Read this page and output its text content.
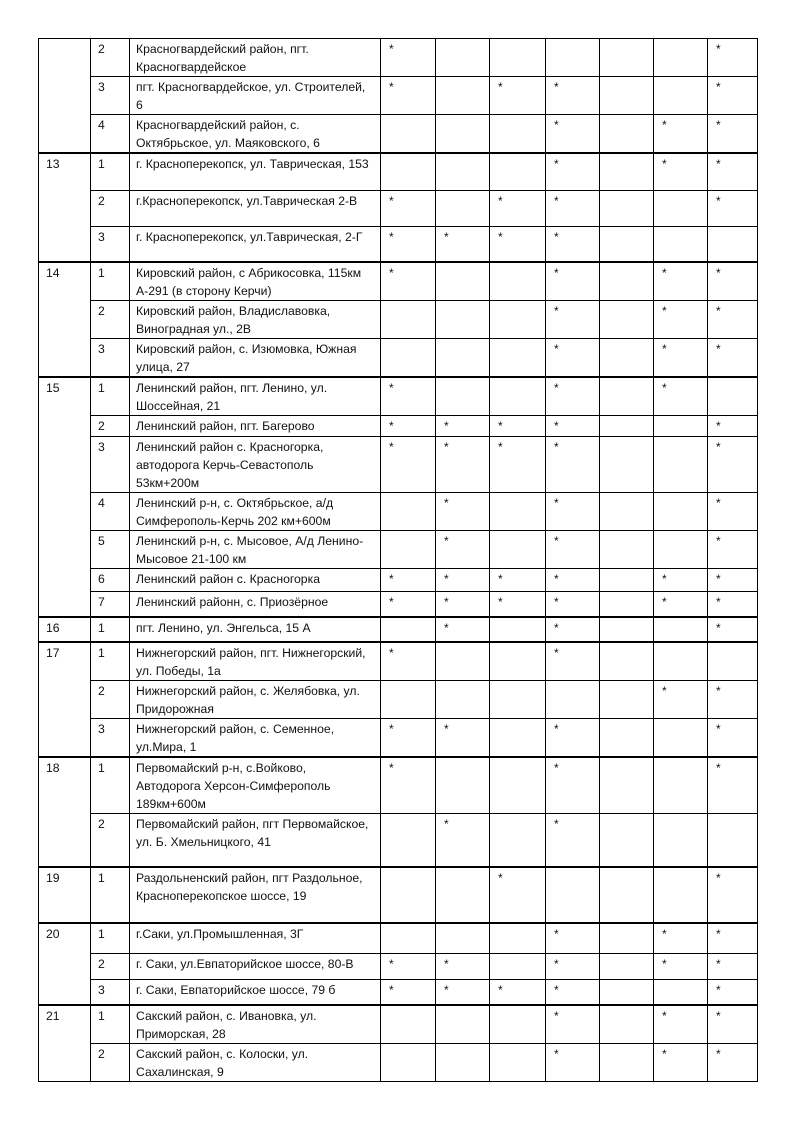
	2	Красногвардейский район, пгт. Красногвардейское	*						*
	3	пгт. Красногвардейское, ул. Строителей, 6	*		*	*			*
	4	Красногвардейский район, с. Октябрьское, ул. Маяковского, 6				*		*	*
13	1	г. Красноперекопск, ул. Таврическая, 153				*		*	*
	2	г.Красноперекопск, ул.Таврическая 2-В	*		*	*			*
	3	г. Красноперекопск, ул.Таврическая, 2-Г	*	*	*	*			
14	1	Кировский район, с Абрикосовка, 115км А-291 (в сторону Керчи)	*			*		*	*
	2	Кировский район, Владиславовка, Виноградная ул., 2В				*		*	*
	3	Кировский район, с. Изюмовка, Южная улица, 27				*		*	*
15	1	Ленинский район, пгт. Ленино, ул. Шоссейная, 21	*			*		*	
	2	Ленинский район, пгт. Багерово	*	*	*	*			*
	3	Ленинский район с. Красногорка, автодорога Керчь-Севастополь 53км+200м	*	*	*	*			*
	4	Ленинский р-н, с. Октябрьское, а/д Симферополь-Керчь 202 км+600м		*		*			*
	5	Ленинский р-н, с. Мысовое, А/д Ленино-Мысовое 21-100 км		*		*			*
	6	Ленинский район с. Красногорка	*	*	*	*		*	*
	7	Ленинский районн, с. Приозёрное	*	*	*	*		*	*
16	1	пгт. Ленино, ул. Энгельса, 15 А		*		*			*
17	1	Нижнегорский район, пгт. Нижнегорский, ул. Победы, 1а	*			*			
	2	Нижнегорский район, с. Желябовка, ул. Придорожная						*	*
	3	Нижнегорский район, с. Семенное, ул.Мира, 1	*	*		*			*
18	1	Первомайский р-н, с.Войково, Автодорога Херсон-Симферополь 189км+600м	*			*			*
	2	Первомайский район, пгт Первомайское, ул. Б. Хмельницкого, 41		*		*			
19	1	Раздольненский район, пгт Раздольное, Красноперекопское шоссе, 19			*				*
20	1	г.Саки, ул.Промышленная, 3Г				*		*	*
	2	г. Саки, ул.Евпаторийское шоссе, 80-В	*	*		*		*	*
	3	г. Саки, Евпаторийское шоссе, 79 б	*	*	*	*			*
21	1	Сакский район, с. Ивановка, ул. Приморская, 28				*		*	*
	2	Сакский район, с. Колоски, ул. Сахалинская, 9				*		*	*
